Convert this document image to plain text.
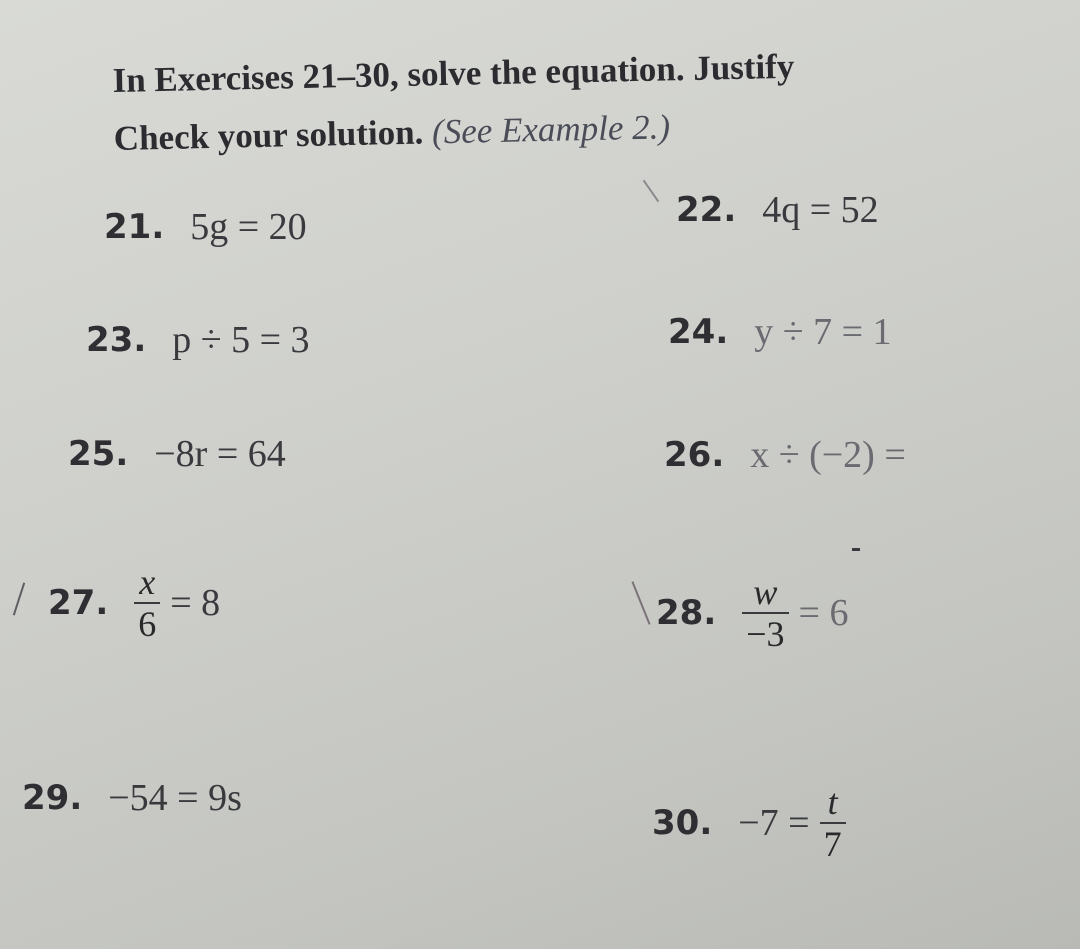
In Exercises 21–30, solve the equation. Justify
Check your solution. (See Example 2.)
21. 5g = 20	22. 4q = 52
23. p ÷ 5 = 3	24. y ÷ 7 = 1
25. −8r = 64	26. x ÷ (−2) =
27. $\frac{x}{6} = 8$	28. $\frac{w}{-3} = 6$
29. −54 = 9s
30. $-7 = \frac{t}{7}$
